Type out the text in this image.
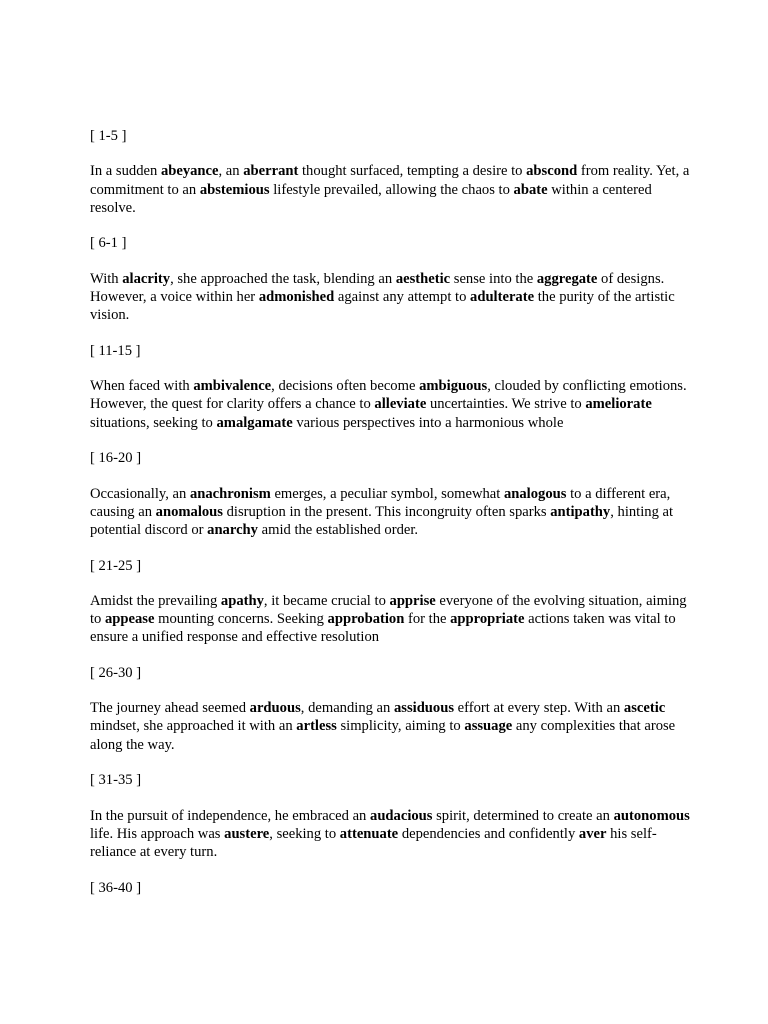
[ 1-5 ]

In a sudden abeyance, an aberrant thought surfaced, tempting a desire to abscond from reality. Yet, a commitment to an abstemious lifestyle prevailed, allowing the chaos to abate within a centered resolve.

[ 6-1 ]

With alacrity, she approached the task, blending an aesthetic sense into the aggregate of designs. However, a voice within her admonished against any attempt to adulterate the purity of the artistic vision.

[ 11-15 ]

When faced with ambivalence, decisions often become ambiguous, clouded by conflicting emotions. However, the quest for clarity offers a chance to alleviate uncertainties. We strive to ameliorate situations, seeking to amalgamate various perspectives into a harmonious whole

[ 16-20 ]

Occasionally, an anachronism emerges, a peculiar symbol, somewhat analogous to a different era, causing an anomalous disruption in the present. This incongruity often sparks antipathy, hinting at potential discord or anarchy amid the established order.

[ 21-25 ]

Amidst the prevailing apathy, it became crucial to apprise everyone of the evolving situation, aiming to appease mounting concerns. Seeking approbation for the appropriate actions taken was vital to ensure a unified response and effective resolution

[ 26-30 ]

The journey ahead seemed arduous, demanding an assiduous effort at every step. With an ascetic mindset, she approached it with an artless simplicity, aiming to assuage any complexities that arose along the way.

[ 31-35 ]

In the pursuit of independence, he embraced an audacious spirit, determined to create an autonomous life. His approach was austere, seeking to attenuate dependencies and confidently aver his self-reliance at every turn.

[ 36-40 ]
